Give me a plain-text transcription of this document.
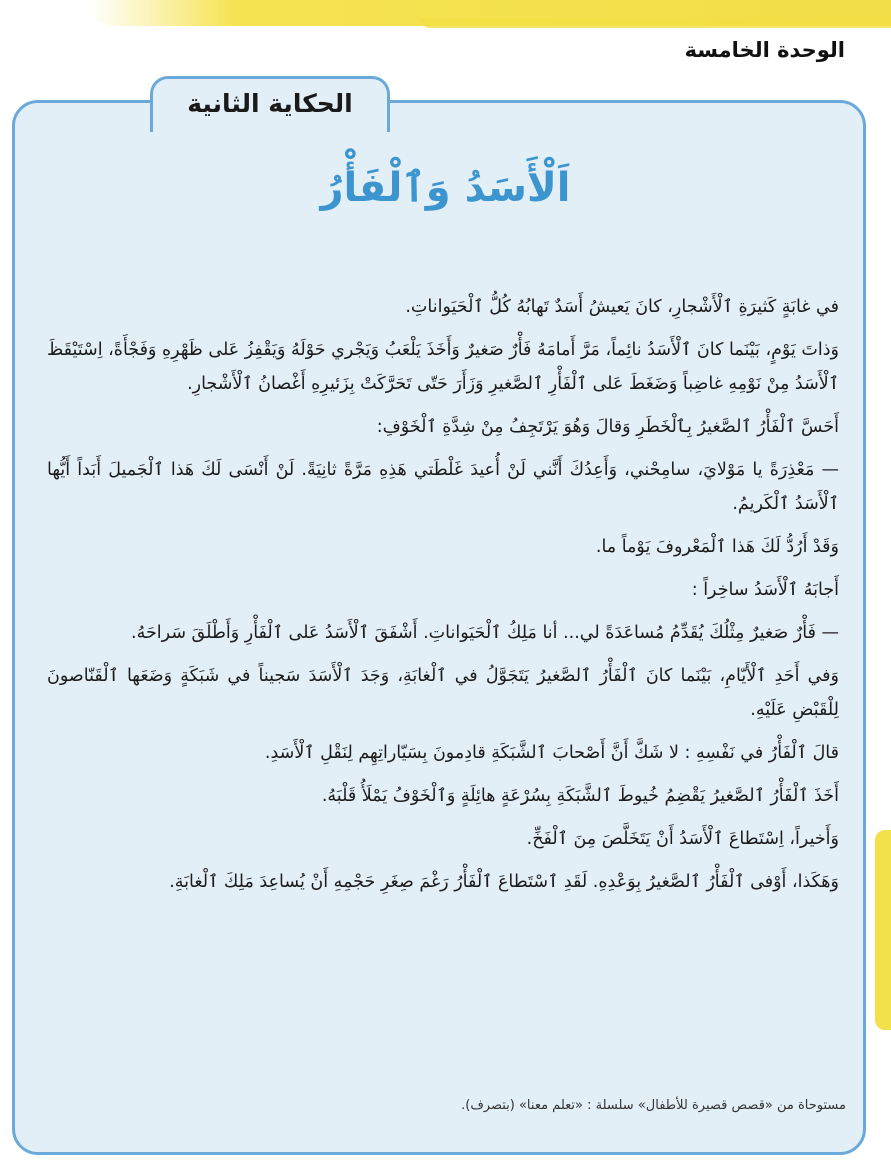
الوحدة الخامسة
الحكاية الثانية
اَلْأَسَدُ وَٱلْفَأْرُ

في غابَةٍ كَثيرَةِ ٱلْأَشْجارِ، كانَ يَعيشُ أَسَدٌ تَهابُهُ كُلُّ ٱلْحَيَواناتِ.

وَذاتَ يَوْمٍ، بَيْنَما كانَ ٱلْأَسَدُ نائِماً، مَرَّ أَمامَهُ فَأْرٌ صَغيرٌ وَأَخَذَ يَلْعَبُ وَيَجْري حَوْلَهُ وَيَقْفِزُ عَلى ظَهْرِهِ وَفَجْأَةً، اِسْتَيْقَظَ ٱلْأَسَدُ مِنْ نَوْمِهِ غاضِباً وَضَغَطَ عَلى ٱلْفَأْرِ ٱلصَّغيرِ وَزَأَرَ حَتّى تَحَرَّكَتْ بِزَئيرِهِ أَغْصانُ ٱلْأَشْجارِ.

أَحَسَّ ٱلْفَأْرُ ٱلصَّغيرُ بِٱلْخَطَرِ وَقالَ وَهُوَ يَرْتَجِفُ مِنْ شِدَّةِ ٱلْخَوْفِ:

— مَعْذِرَةً يا مَوْلايَ، سامِحْني، وَأَعِدُكَ أَنَّني لَنْ أُعيدَ غَلْطَتي هَذِهِ مَرَّةً ثانِيَةً. لَنْ أَنْسَى لَكَ هَذا ٱلْجَميلَ أَبَداً أَيُّها ٱلْأَسَدُ ٱلْكَريمُ.

وَقَدْ أَرُدُّ لَكَ هَذا ٱلْمَعْروفَ يَوْماً ما.

أَجابَهُ ٱلْأَسَدُ ساخِراً :

— فَأْرٌ صَغيرٌ مِثْلُكَ يُقَدِّمُ مُساعَدَةً لي... أنا مَلِكُ ٱلْحَيَواناتِ. أَشْفَقَ ٱلْأَسَدُ عَلى ٱلْفَأْرِ وَأَطْلَقَ سَراحَهُ.

وَفي أَحَدِ ٱلْأَيّامِ، بَيْنَما كانَ ٱلْفَأْرُ ٱلصَّغيرُ يَتَجَوَّلُ في ٱلْغابَةِ، وَجَدَ ٱلْأَسَدَ سَجيناً في شَبَكَةٍ وَضَعَها ٱلْقَنّاصونَ لِلْقَبْضِ عَلَيْهِ.

قالَ ٱلْفَأْرُ في نَفْسِهِ : لا شَكَّ أَنَّ أَصْحابَ ٱلشَّبَكَةِ قادِمونَ بِسَيّاراتِهِم لِنَقْلِ ٱلْأَسَدِ.

أَخَذَ ٱلْفَأْرُ ٱلصَّغيرُ يَقْضِمُ خُيوطَ ٱلشَّبَكَةِ بِسُرْعَةٍ هائِلَةٍ وَٱلْخَوْفُ يَمْلَأُ قَلْبَهُ.

وَأَخيراً، اِسْتَطاعَ ٱلْأَسَدُ أَنْ يَتَخَلَّصَ مِنَ ٱلْفَخِّ.

وَهَكَذا، أَوْفى ٱلْفَأْرُ ٱلصَّغيرُ بِوَعْدِهِ. لَقَدِ ٱسْتَطاعَ ٱلْفَأْرُ رَغْمَ صِغَرِ حَجْمِهِ أَنْ يُساعِدَ مَلِكَ ٱلْغابَةِ.

مستوحاة من «قصص قصيرة للأطفال» سلسلة : «تعلم معنا» (بتصرف).
